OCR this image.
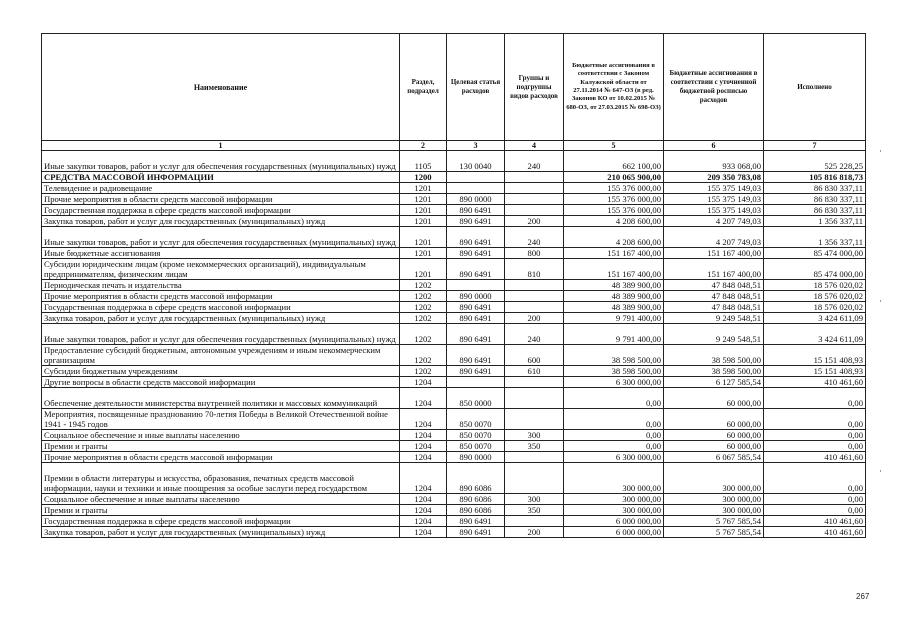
Наименование	Раздел, подраздел	Целевая статья расходов	Группы и подгруппы видов расходов	Бюджетные ассигнования в соответствии с Законом Калужской области от 27.11.2014 № 647-ОЗ (в ред. Законов КО от 10.02.2015 № 680-ОЗ, от 27.03.2015 № 698-ОЗ)	Бюджетные ассигнования в соответствии с уточненной бюджетной росписью расходов	Исполнено
1	2	3	4	5	6	7
Иные закупки товаров, работ и услуг для обеспечения государственных (муниципальных) нужд	1105	130 0040	240	662 100,00	933 068,00	525 228,25
СРЕДСТВА МАССОВОЙ ИНФОРМАЦИИ	1200			210 065 900,00	209 350 783,08	105 816 818,73
Телевидение и радиовещание	1201			155 376 000,00	155 375 149,03	86 830 337,11
Прочие мероприятия в области средств массовой информации	1201	890 0000		155 376 000,00	155 375 149,03	86 830 337,11
Государственная поддержка в сфере средств массовой информации	1201	890 6491		155 376 000,00	155 375 149,03	86 830 337,11
Закупка товаров, работ и услуг для государственных (муниципальных) нужд	1201	890 6491	200	4 208 600,00	4 207 749,03	1 356 337,11
Иные закупки товаров, работ и услуг для обеспечения государственных (муниципальных) нужд	1201	890 6491	240	4 208 600,00	4 207 749,03	1 356 337,11
Иные бюджетные ассигнования	1201	890 6491	800	151 167 400,00	151 167 400,00	85 474 000,00
Субсидии юридическим лицам (кроме некоммерческих организаций), индивидуальным предпринимателям, физическим лицам	1201	890 6491	810	151 167 400,00	151 167 400,00	85 474 000,00
Периодическая печать и издательства	1202			48 389 900,00	47 848 048,51	18 576 020,02
Прочие мероприятия в области средств массовой информации	1202	890 0000		48 389 900,00	47 848 048,51	18 576 020,02
Государственная поддержка в сфере средств массовой информации	1202	890 6491		48 389 900,00	47 848 048,51	18 576 020,02
Закупка товаров, работ и услуг для государственных (муниципальных) нужд	1202	890 6491	200	9 791 400,00	9 249 548,51	3 424 611,09
Иные закупки товаров, работ и услуг для обеспечения государственных (муниципальных) нужд	1202	890 6491	240	9 791 400,00	9 249 548,51	3 424 611,09
Предоставление субсидий бюджетным, автономным учреждениям и иным некоммерческим организациям	1202	890 6491	600	38 598 500,00	38 598 500,00	15 151 408,93
Субсидии бюджетным учреждениям	1202	890 6491	610	38 598 500,00	38 598 500,00	15 151 408,93
Другие вопросы в области средств массовой информации	1204			6 300 000,00	6 127 585,54	410 461,60
Обеспечение деятельности министерства внутренней политики и массовых коммуникаций	1204	850 0000		0,00	60 000,00	0,00
Мероприятия, посвященные празднованию 70-летия Победы в Великой Отечественной войне 1941 - 1945 годов	1204	850 0070		0,00	60 000,00	0,00
Социальное обеспечение и иные выплаты населению	1204	850 0070	300	0,00	60 000,00	0,00
Премии и гранты	1204	850 0070	350	0,00	60 000,00	0,00
Прочие мероприятия в области средств массовой информации	1204	890 0000		6 300 000,00	6 067 585,54	410 461,60
Премии в области литературы и искусства, образования, печатных средств массовой информации, науки и техники и иные поощрения за особые заслуги перед государством	1204	890 6086		300 000,00	300 000,00	0,00
Социальное обеспечение и иные выплаты населению	1204	890 6086	300	300 000,00	300 000,00	0,00
Премии и гранты	1204	890 6086	350	300 000,00	300 000,00	0,00
Государственная поддержка в сфере средств массовой информации	1204	890 6491		6 000 000,00	5 767 585,54	410 461,60
Закупка товаров, работ и услуг для государственных (муниципальных) нужд	1204	890 6491	200	6 000 000,00	5 767 585,54	410 461,60
267
